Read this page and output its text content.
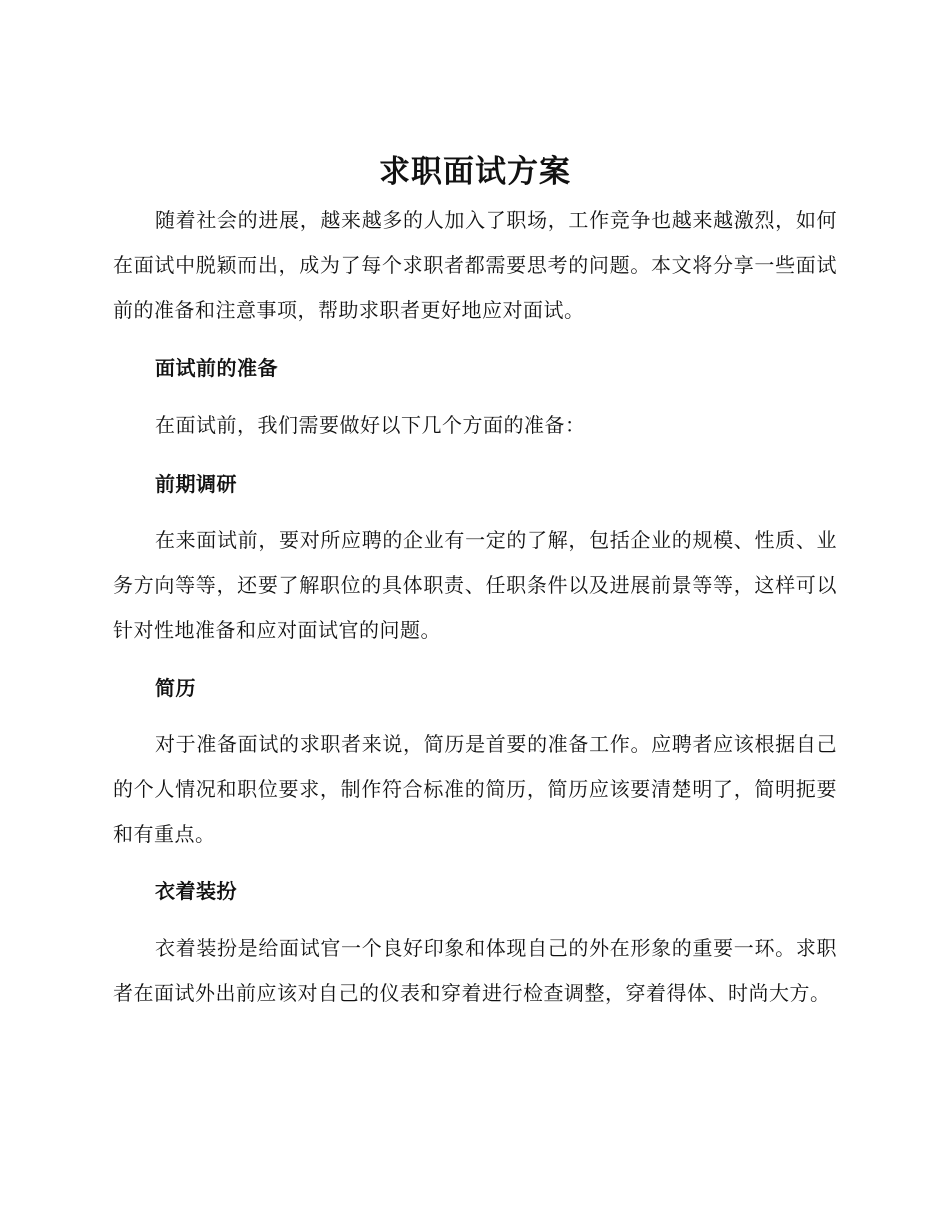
求职面试方案

随着社会的进展，越来越多的人加入了职场，工作竞争也越来越激烈，如何在面试中脱颖而出，成为了每个求职者都需要思考的问题。本文将分享一些面试前的准备和注意事项，帮助求职者更好地应对面试。

面试前的准备

在面试前，我们需要做好以下几个方面的准备：

前期调研

在来面试前，要对所应聘的企业有一定的了解，包括企业的规模、性质、业务方向等等，还要了解职位的具体职责、任职条件以及进展前景等等，这样可以针对性地准备和应对面试官的问题。

简历

对于准备面试的求职者来说，简历是首要的准备工作。应聘者应该根据自己的个人情况和职位要求，制作符合标准的简历，简历应该要清楚明了，简明扼要和有重点。

衣着装扮

衣着装扮是给面试官一个良好印象和体现自己的外在形象的重要一环。求职者在面试外出前应该对自己的仪表和穿着进行检查调整，穿着得体、时尚大方。
